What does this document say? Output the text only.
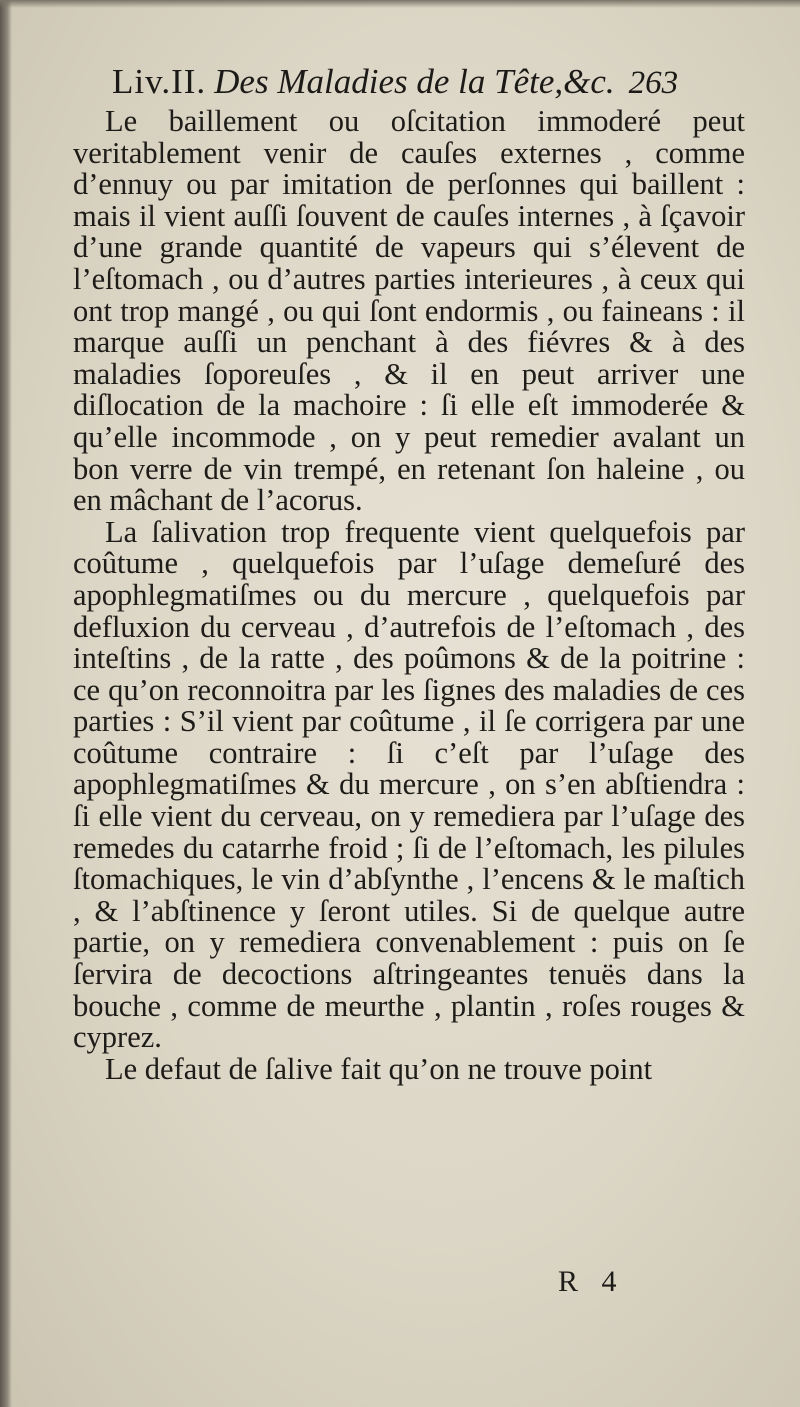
Liv.II. Des Maladies de la Tête,&c. 263

Le baillement ou oſcitation immoderé peut veritablement venir de cauſes externes , comme d’ennuy ou par imitation de perſonnes qui baillent : mais il vient auſſi ſouvent de cauſes internes , à ſçavoir d’une grande quantité de vapeurs qui s’élevent de l’eſtomach , ou d’autres parties interieures , à ceux qui ont trop mangé , ou qui ſont endormis , ou faineans : il marque auſſi un penchant à des fiévres & à des maladies ſoporeuſes , & il en peut arriver une diſlocation de la machoire : ſi elle eſt immoderée & qu’elle incommode , on y peut remedier avalant un bon verre de vin trempé, en retenant ſon haleine , ou en mâchant de l’acorus.

La ſalivation trop frequente vient quelquefois par coûtume , quelquefois par l’uſage demeſuré des apophlegmatiſmes ou du mercure , quelquefois par defluxion du cerveau , d’autrefois de l’eſtomach , des inteſtins , de la ratte , des poûmons & de la poitrine : ce qu’on reconnoitra par les ſignes des maladies de ces parties : S’il vient par coûtume , il ſe corrigera par une coûtume contraire : ſi c’eſt par l’uſage des apophlegmatiſmes & du mercure , on s’en abſtiendra : ſi elle vient du cerveau, on y remediera par l’uſage des remedes du catarrhe froid ; ſi de l’eſtomach, les pilules ſtomachiques, le vin d’abſynthe , l’encens & le maſtich , & l’abſtinence y ſeront utiles. Si de quelque autre partie, on y remediera convenablement : puis on ſe ſervira de decoctions aſtringeantes tenuës dans la bouche , comme de meurthe , plantin , roſes rouges & cyprez.

Le defaut de ſalive fait qu’on ne trouve point

R 4
